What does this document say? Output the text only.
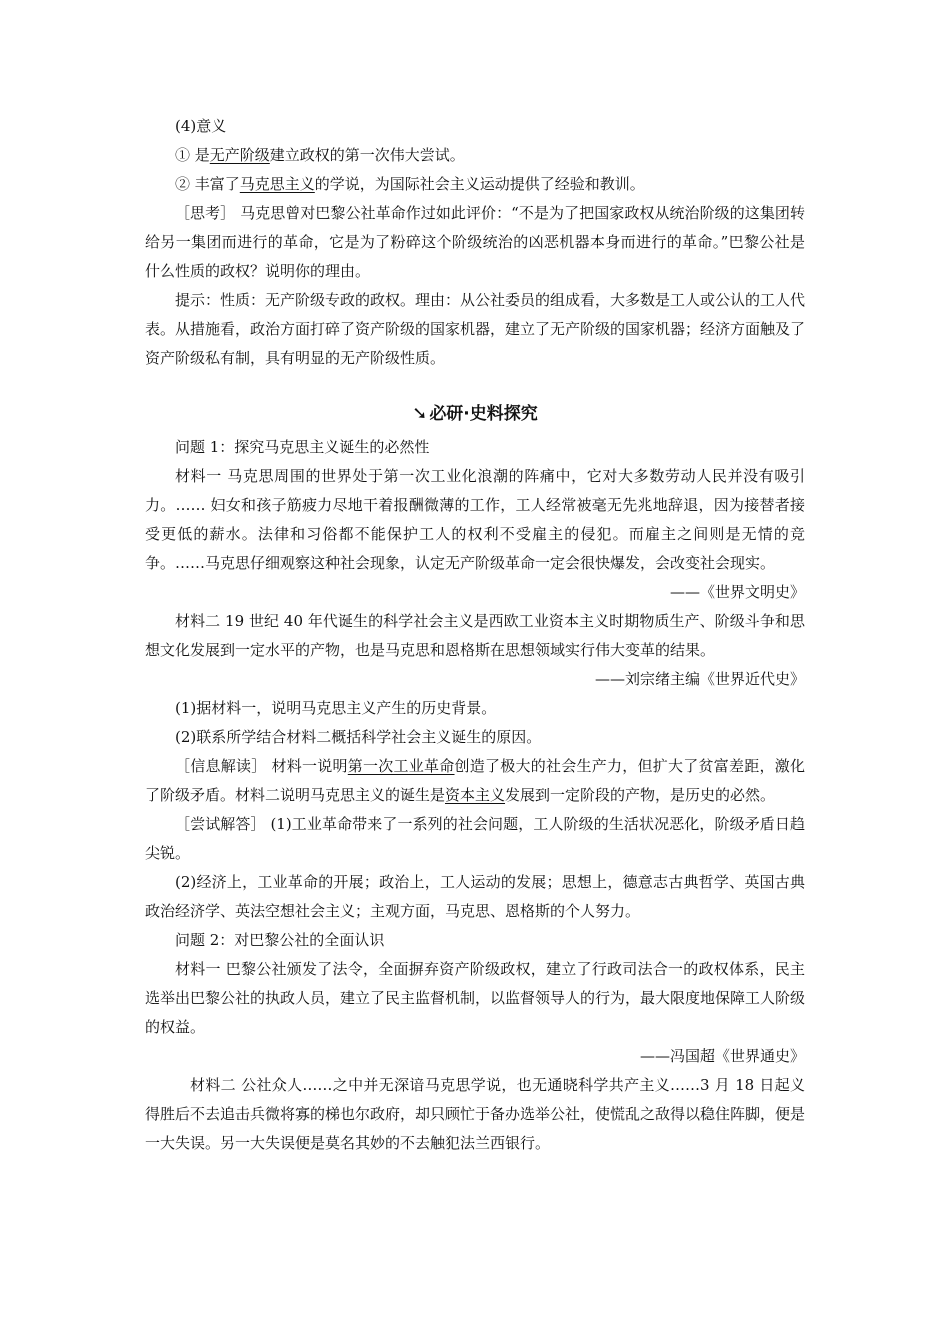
(4)意义

① 是无产阶级建立政权的第一次伟大尝试。

② 丰富了马克思主义的学说，为国际社会主义运动提供了经验和教训。

［思考］ 马克思曾对巴黎公社革命作过如此评价：“不是为了把国家政权从统治阶级的这集团转给另一集团而进行的革命，它是为了粉碎这个阶级统治的凶恶机器本身而进行的革命。”巴黎公社是什么性质的政权？说明你的理由。

提示：性质：无产阶级专政的政权。理由：从公社委员的组成看，大多数是工人或公认的工人代表。从措施看，政治方面打碎了资产阶级的国家机器，建立了无产阶级的国家机器；经济方面触及了资产阶级私有制，具有明显的无产阶级性质。

➘ 必研·史料探究

问题 1：探究马克思主义诞生的必然性

材料一 马克思周围的世界处于第一次工业化浪潮的阵痛中，它对大多数劳动人民并没有吸引力。…… 妇女和孩子筋疲力尽地干着报酬微薄的工作，工人经常被毫无先兆地辞退，因为接替者接受更低的薪水。法律和习俗都不能保护工人的权利不受雇主的侵犯。而雇主之间则是无情的竞争。……马克思仔细观察这种社会现象，认定无产阶级革命一定会很快爆发，会改变社会现实。

——《世界文明史》

材料二 19 世纪 40 年代诞生的科学社会主义是西欧工业资本主义时期物质生产、阶级斗争和思想文化发展到一定水平的产物，也是马克思和恩格斯在思想领域实行伟大变革的结果。

——刘宗绪主编《世界近代史》

(1)据材料一，说明马克思主义产生的历史背景。

(2)联系所学结合材料二概括科学社会主义诞生的原因。

［信息解读］ 材料一说明第一次工业革命创造了极大的社会生产力，但扩大了贫富差距，激化了阶级矛盾。材料二说明马克思主义的诞生是资本主义发展到一定阶段的产物，是历史的必然。

［尝试解答］ (1)工业革命带来了一系列的社会问题，工人阶级的生活状况恶化，阶级矛盾日趋尖锐。

(2)经济上，工业革命的开展；政治上，工人运动的发展；思想上，德意志古典哲学、英国古典政治经济学、英法空想社会主义；主观方面，马克思、恩格斯的个人努力。

问题 2：对巴黎公社的全面认识

材料一 巴黎公社颁发了法令，全面摒弃资产阶级政权，建立了行政司法合一的政权体系，民主选举出巴黎公社的执政人员，建立了民主监督机制，以监督领导人的行为，最大限度地保障工人阶级的权益。

——冯国超《世界通史》

材料二 公社众人……之中并无深谙马克思学说，也无通晓科学共产主义……3 月 18 日起义得胜后不去追击兵微将寡的梯也尔政府，却只顾忙于备办选举公社，使慌乱之敌得以稳住阵脚，便是一大失误。另一大失误便是莫名其妙的不去触犯法兰西银行。
